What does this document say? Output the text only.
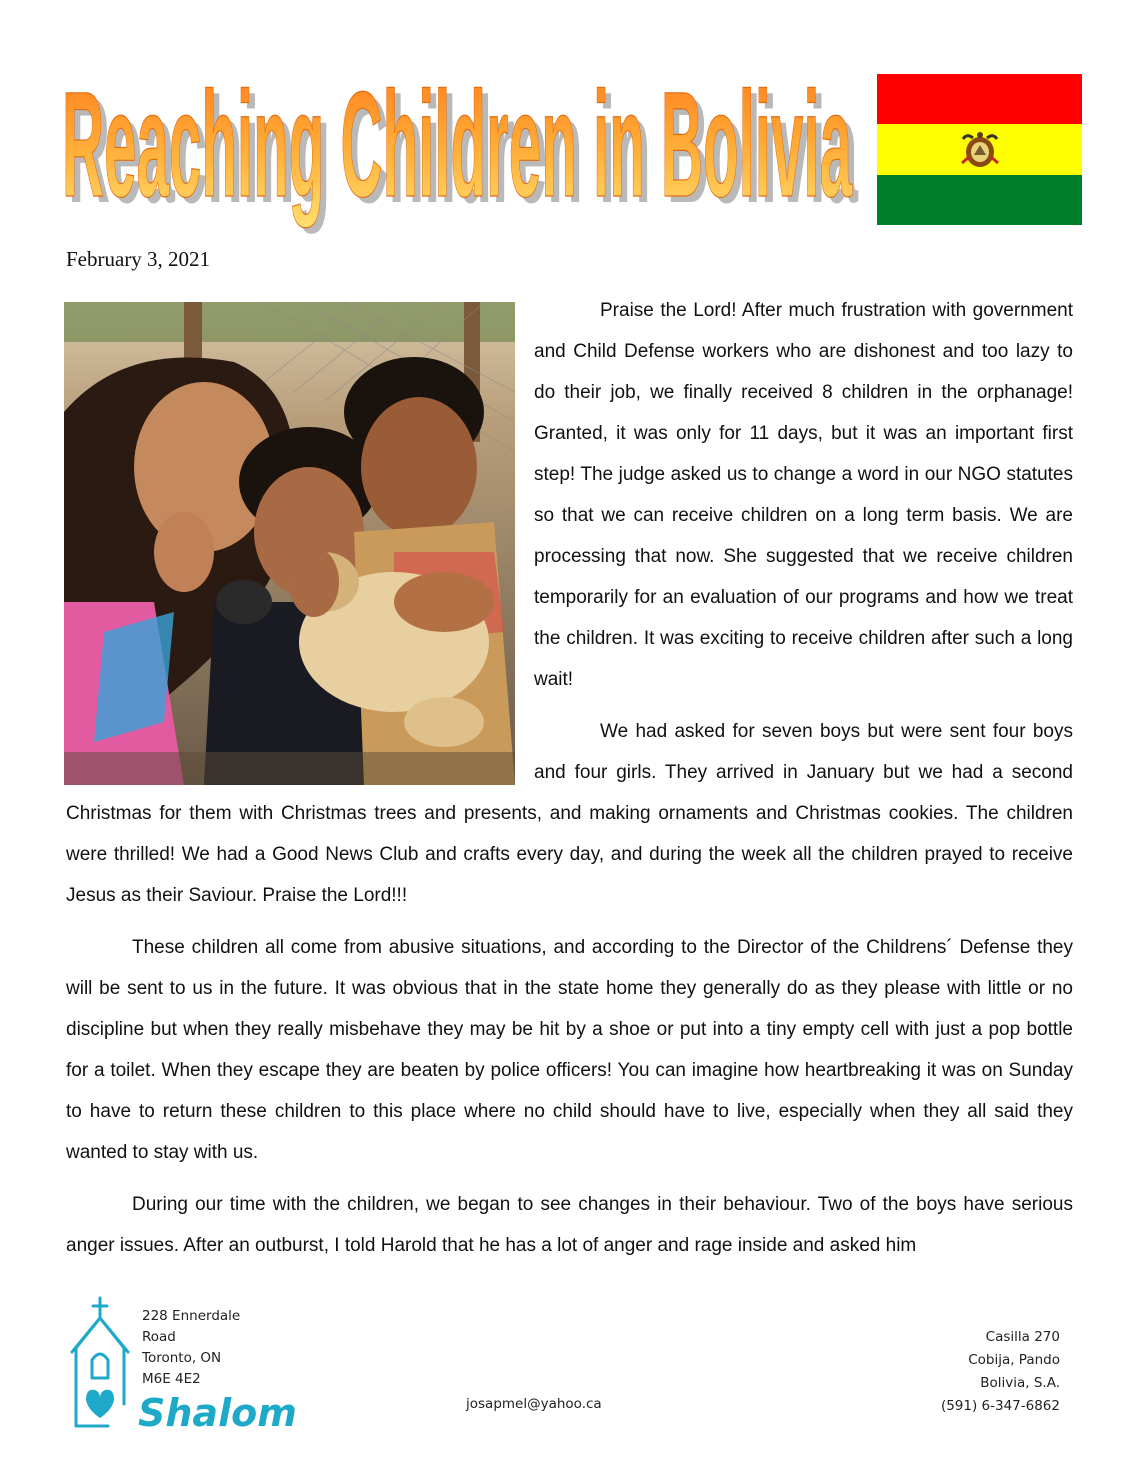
Reaching Children in Bolivia
Reaching Children in Bolivia
February 3, 2021

Praise the Lord! After much frustration with government and Child Defense workers who are dishonest and too lazy to do their job, we finally received 8 children in the orphanage! Granted, it was only for 11 days, but it was an important first step! The judge asked us to change a word in our NGO statutes so that we can receive children on a long term basis. We are processing that now. She suggested that we receive children temporarily for an evaluation of our programs and how we treat the children. It was exciting to receive children after such a long wait!

We had asked for seven boys but were sent four boys and four girls. They arrived in January but we had a second Christmas for them with Christmas trees and presents, and making ornaments and Christmas cookies. The children were thrilled! We had a Good News Club and crafts every day, and during the week all the children prayed to receive Jesus as their Saviour. Praise the Lord!!!

These children all come from abusive situations, and according to the Director of the Childrens´ Defense they will be sent to us in the future. It was obvious that in the state home they generally do as they please with little or no discipline but when they really misbehave they may be hit by a shoe or put into a tiny empty cell with just a pop bottle for a toilet. When they escape they are beaten by police officers! You can imagine how heartbreaking it was on Sunday to have to return these children to this place where no child should have to live, especially when they all said they wanted to stay with us.

During our time with the children, we began to see changes in their behaviour. Two of the boys have serious anger issues. After an outburst, I told Harold that he has a lot of anger and rage inside and asked him

Shalom
228 Ennerdale
Road
Toronto, ON
M6E 4E2
josapmel@yahoo.ca
Casilla 270
Cobija, Pando
Bolivia, S.A.
(591) 6-347-6862
